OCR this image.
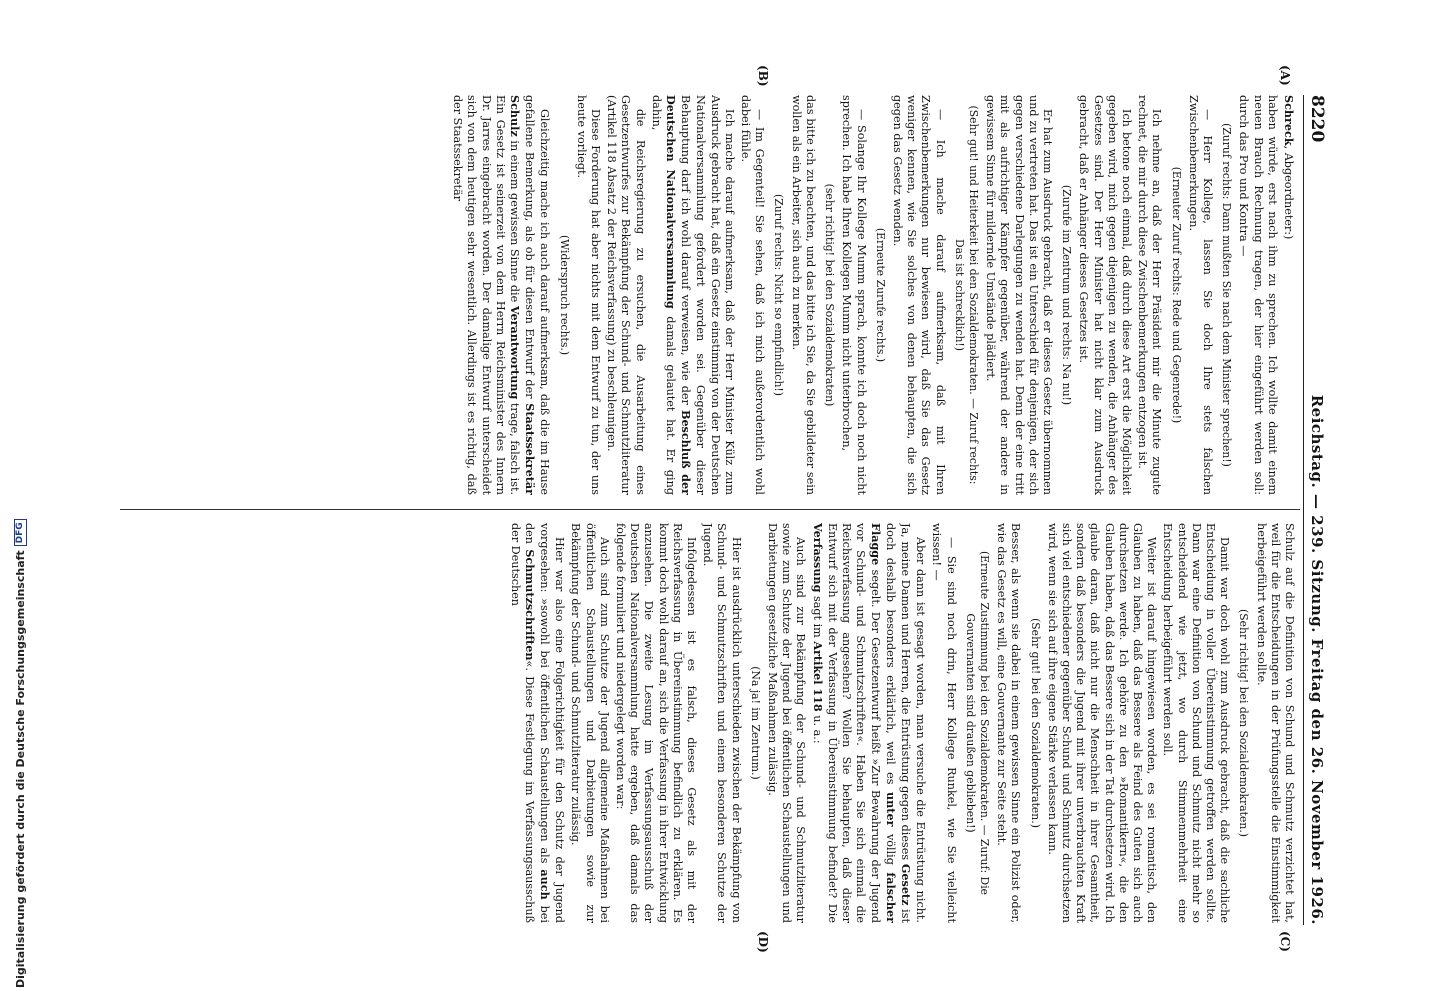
8220
Reichstag. — 239. Sitzung. Freitag den 26. November 1926.
(A)
(B)
(C)
(D)

Schreck, Abgeordneter:)

haben würde, erst nach ihm zu sprechen. Ich wollte damit einem neuen Brauch Rechnung tragen, der hier eingeführt werden soll: durch das Pro und Kontra —

(Zuruf rechts: Dann mußten Sie nach dem Minister sprechen!)

— Herr Kollege, lassen Sie doch Ihre stets falschen Zwischenbemerkungen.

(Erneuter Zuruf rechts: Rede und Gegenrede!)

Ich nehme an, daß der Herr Präsident mir die Minute zugute rechnet, die mir durch diese Zwischenbemerkungen entzogen ist.

Ich betone noch einmal, daß durch diese Art erst die Möglichkeit gegeben wird, mich gegen diejenigen zu wenden, die Anhänger des Gesetzes sind. Der Herr Minister hat nicht klar zum Ausdruck gebracht, daß er Anhänger dieses Gesetzes ist.

(Zurufe im Zentrum und rechts: Na nu!)

Er hat zum Ausdruck gebracht, daß er dieses Gesetz übernommen und zu vertreten hat. Das ist ein Unterschied für denjenigen, der sich gegen verschiedene Darlegungen zu wenden hat. Denn der eine tritt mit als aufrichtiger Kämpfer gegenüber, während der andere in gewissem Sinne für mildernde Umstände plädiert.

(Sehr gut! und Heiterkeit bei den Sozialdemokraten. — Zuruf rechts: Das ist schrecklich!)

— Ich mache darauf aufmerksam, daß mit Ihren Zwischenbemerkungen nur bewiesen wird, daß Sie das Gesetz weniger kennen, wie Sie solches von denen behaupten, die sich gegen das Gesetz wenden.

(Erneute Zurufe rechts.)

— Solange Ihr Kollege Mumm sprach, konnte ich doch noch nicht sprechen. Ich habe Ihren Kollegen Mumm nicht unterbrochen,

(sehr richtig! bei den Sozialdemokraten)

das bitte ich zu beachten, und das bitte ich Sie, da Sie gebildeter sein wollen als ein Arbeiter, sich auch zu merken.

(Zuruf rechts: Nicht so empfindlich!)

— Im Gegenteil! Sie sehen, daß ich mich außerordentlich wohl dabei fühle.

Ich mache darauf aufmerksam, daß der Herr Minister Külz zum Ausdruck gebracht hat, daß ein Gesetz einstimmig von der Deutschen Nationalversammlung gefordert worden sei. Gegenüber dieser Behauptung darf ich wohl darauf verweisen, wie der Beschluß der Deutschen Nationalversammlung damals gelautet hat. Er ging dahin,

die Reichsregierung zu ersuchen, die Ausarbeitung eines Gesetzentwurfes zur Bekämpfung der Schund- und Schmutzliteratur (Artikel 118 Absatz 2 der Reichsverfassung) zu beschleunigen.

Diese Forderung hat aber nichts mit dem Entwurf zu tun, der uns heute vorliegt.

(Widerspruch rechts.)

Gleichzeitig mache ich auch darauf aufmerksam, daß die im Hause gefallene Bemerkung, als ob für diesen Entwurf der Staatssekretär Schulz in einem gewissen Sinne die Verantwortung trage, falsch ist. Ein Gesetz ist seinerzeit von dem Herrn Reichsminister des Innern Dr. Jarres eingebracht worden. Der damalige Entwurf unterscheidet sich von dem heutigen sehr wesentlich. Allerdings ist es richtig, daß der Staatssekretär

Schulz auf die Definition von Schund und Schmutz verzichtet hat, weil für die Entscheidungen in der Prüfungsstelle die Einstimmigkeit herbeigeführt werden sollte.

(Sehr richtig! bei den Sozialdemokraten.)

Damit war doch wohl zum Ausdruck gebracht, daß die sachliche Entscheidung in voller Übereinstimmung getroffen werden sollte. Dann war eine Definition von Schund und Schmutz nicht mehr so entscheidend wie jetzt, wo durch Stimmenmehrheit eine Entscheidung herbeigeführt werden soll.

Weiter ist darauf hingewiesen worden, es sei romantisch, den Glauben zu haben, daß das Bessere als Feind des Guten sich auch durchsetzen werde. Ich gehöre zu den »Romantikern«, die den Glauben haben, daß das Bessere sich in der Tat durchsetzen wird. Ich glaube daran, daß nicht nur die Menschheit in ihrer Gesamtheit, sondern daß besonders die Jugend mit ihrer unverbrauchten Kraft sich viel entschiedener gegenüber Schund und Schmutz durchsetzen wird, wenn sie sich auf ihre eigene Stärke verlassen kann.

(Sehr gut! bei den Sozialdemokraten.)

Besser, als wenn sie dabei in einem gewissen Sinne ein Polizist oder, wie das Gesetz es will, eine Gouvernante zur Seite steht.

(Erneute Zustimmung bei den Sozialdemokraten. — Zuruf: Die Gouvernanten sind draußen geblieben!)

— Sie sind noch drin, Herr Kollege Runkel, wie Sie vielleicht wissen! —

Aber dann ist gesagt worden, man versuche die Entrüstung nicht. Ja, meine Damen und Herren, die Entrüstung gegen dieses Gesetz ist doch deshalb besonders erklärlich, weil es unter völlig falscher Flagge segelt. Der Gesetzentwurf heißt »Zur Bewahrung der Jugend vor Schund- und Schmutzschriften«. Haben Sie sich einmal die Reichsverfassung angesehen? Wollen Sie behaupten, daß dieser Entwurf sich mit der Verfassung in Übereinstimmung befindet? Die Verfassung sagt im Artikel 118 u. a.:

Auch sind zur Bekämpfung der Schund- und Schmutzliteratur sowie zum Schutze der Jugend bei öffentlichen Schaustellungen und Darbietungen gesetzliche Maßnahmen zulässig.

(Na ja! im Zentrum.)

Hier ist ausdrücklich unterschieden zwischen der Bekämpfung von Schund- und Schmutzschriften und einem besonderen Schutze der Jugend.

Infolgedessen ist es falsch, dieses Gesetz als mit der Reichsverfassung in Übereinstimmung befindlich zu erklären. Es kommt doch wohl darauf an, sich die Verfassung in ihrer Entwicklung anzusehen. Die zweite Lesung im Verfassungsausschuß der Deutschen Nationalversammlung hatte ergeben, daß damals das folgende formuliert und niedergelegt worden war:

Auch sind zum Schutze der Jugend allgemeine Maßnahmen bei öffentlichen Schaustellungen und Darbietungen sowie zur Bekämpfung der Schund- und Schmutzliteratur zulässig.

Hier war also eine Folgerichtigkeit für den Schutz der Jugend vorgesehen: »sowohl bei öffentlichen Schaustellungen als auch bei den Schmutzschriften«. Diese Festlegung im Verfassungsausschuß der Deutschen

Digitalisierung gefördert durch die Deutsche Forschungsgemeinschaft
DFG
